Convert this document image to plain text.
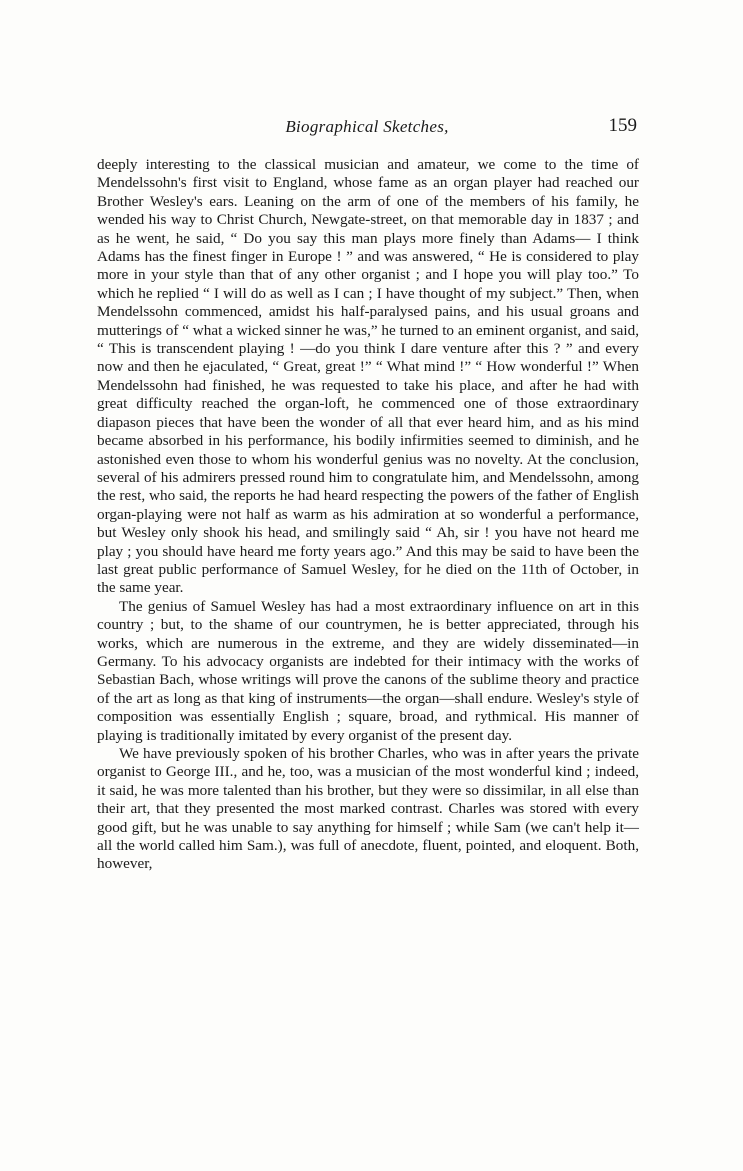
Biographical Sketches,	159

deeply interesting to the classical musician and amateur, we come to the time of Mendelssohn's first visit to England, whose fame as an organ player had reached our Brother Wesley's ears. Leaning on the arm of one of the members of his family, he wended his way to Christ Church, Newgate-street, on that memorable day in 1837 ; and as he went, he said, “ Do you say this man plays more finely than Adams— I think Adams has the finest finger in Europe ! ” and was answered, “ He is considered to play more in your style than that of any other organist ; and I hope you will play too.” To which he replied “ I will do as well as I can ; I have thought of my subject.” Then, when Mendelssohn commenced, amidst his half-paralysed pains, and his usual groans and mutterings of “ what a wicked sinner he was,” he turned to an eminent organist, and said, “ This is transcendent playing ! —do you think I dare venture after this ? ” and every now and then he ejaculated, “ Great, great !” “ What mind !” “ How wonderful !” When Mendelssohn had finished, he was requested to take his place, and after he had with great difficulty reached the organ-loft, he commenced one of those extraordinary diapason pieces that have been the wonder of all that ever heard him, and as his mind became absorbed in his performance, his bodily infirmities seemed to diminish, and he astonished even those to whom his wonderful genius was no novelty. At the conclusion, several of his admirers pressed round him to congratulate him, and Mendelssohn, among the rest, who said, the reports he had heard respecting the powers of the father of English organ-playing were not half as warm as his admiration at so wonderful a performance, but Wesley only shook his head, and smilingly said “ Ah, sir ! you have not heard me play ; you should have heard me forty years ago.” And this may be said to have been the last great public performance of Samuel Wesley, for he died on the 11th of October, in the same year.

The genius of Samuel Wesley has had a most extraordinary influence on art in this country ; but, to the shame of our countrymen, he is better appreciated, through his works, which are numerous in the extreme, and they are widely disseminated—in Germany. To his advocacy organists are indebted for their intimacy with the works of Sebastian Bach, whose writings will prove the canons of the sublime theory and practice of the art as long as that king of instruments—the organ—shall endure. Wesley's style of composition was essentially English ; square, broad, and rythmical. His manner of playing is traditionally imitated by every organist of the present day.

We have previously spoken of his brother Charles, who was in after years the private organist to George III., and he, too, was a musician of the most wonderful kind ; indeed, it said, he was more talented than his brother, but they were so dissimilar, in all else than their art, that they presented the most marked contrast. Charles was stored with every good gift, but he was unable to say anything for himself ; while Sam (we can't help it—all the world called him Sam.), was full of anecdote, fluent, pointed, and eloquent. Both, however,
